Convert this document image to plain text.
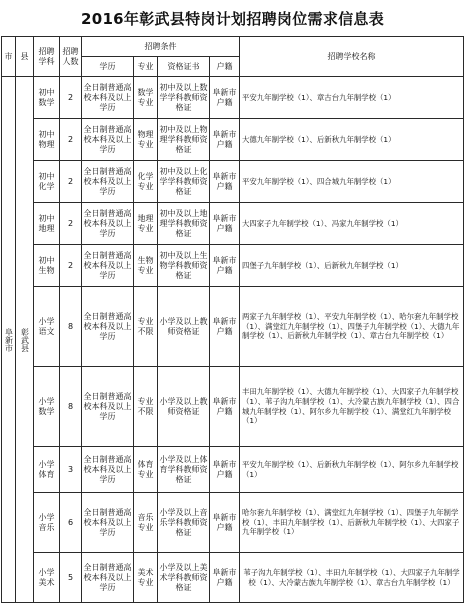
2016年彰武县特岗计划招聘岗位需求信息表
市	县	招聘学科	招聘人数	招聘条件				招聘学校名称
				学历	专业	资格证书	户籍	

阜新市	彰武县	初中数学	2	全日制普通高校本科及以上学历	数学专业	初中及以上数学学科教师资格证	阜新市户籍	平安九年制学校（1）、章古台九年制学校（1）
		初中物理	2	全日制普通高校本科及以上学历	物理专业	初中及以上物理学科教师资格证	阜新市户籍	大德九年制学校（1）、后新秋九年制学校（1）
		初中化学	2	全日制普通高校本科及以上学历	化学专业	初中及以上化学学科教师资格证	阜新市户籍	平安九年制学校（1）、四合城九年制学校（1）
		初中地理	2	全日制普通高校本科及以上学历	地理专业	初中及以上地理学科教师资格证	阜新市户籍	大四家子九年制学校（1）、冯家九年制学校（1）
		初中生物	2	全日制普通高校本科及以上学历	生物专业	初中及以上生物学科教师资格证	阜新市户籍	四堡子九年制学校（1）、后新秋九年制学校（1）
		小学语文	8	全日制普通高校本科及以上学历	专业不限	小学及以上教师资格证	阜新市户籍	两家子九年制学校（1）、平安九年制学校（1）、哈尔套九年制学校（1）、满堂红九年制学校（1）、四堡子九年制学校（1）、大德九年制学校（1）、后新秋九年制学校（1）、章古台九年制学校（1）
		小学数学	8	全日制普通高校本科及以上学历	专业不限	小学及以上教师资格证	阜新市户籍	丰田九年制学校（1）、大德九年制学校（1）、大四家子九年制学校（1）、苇子沟九年制学校（1）、大冷蒙古族九年制学校（1）、四合城九年制学校（1）、阿尔乡九年制学校（1）、满堂红九年制学校（1）
		小学体育	3	全日制普通高校本科及以上学历	体育专业	小学及以上体育学科教师资格证	阜新市户籍	平安九年制学校（1）、后新秋九年制学校（1）、阿尔乡九年制学校（1）
		小学音乐	6	全日制普通高校本科及以上学历	音乐专业	小学及以上音乐学科教师资格证	阜新市户籍	哈尔套九年制学校（1）、满堂红九年制学校（1）、四堡子九年制学校（1）、丰田九年制学校（1）、后新秋九年制学校（1）、大四家子九年制学校（1）
		小学美术	5	全日制普通高校本科及以上学历	美术专业	小学及以上美术学科教师资格证	阜新市户籍	苇子沟九年制学校（1）、丰田九年制学校（1）、大四家子九年制学校（1）、大冷蒙古族九年制学校（1）、章古台九年制学校（1）
